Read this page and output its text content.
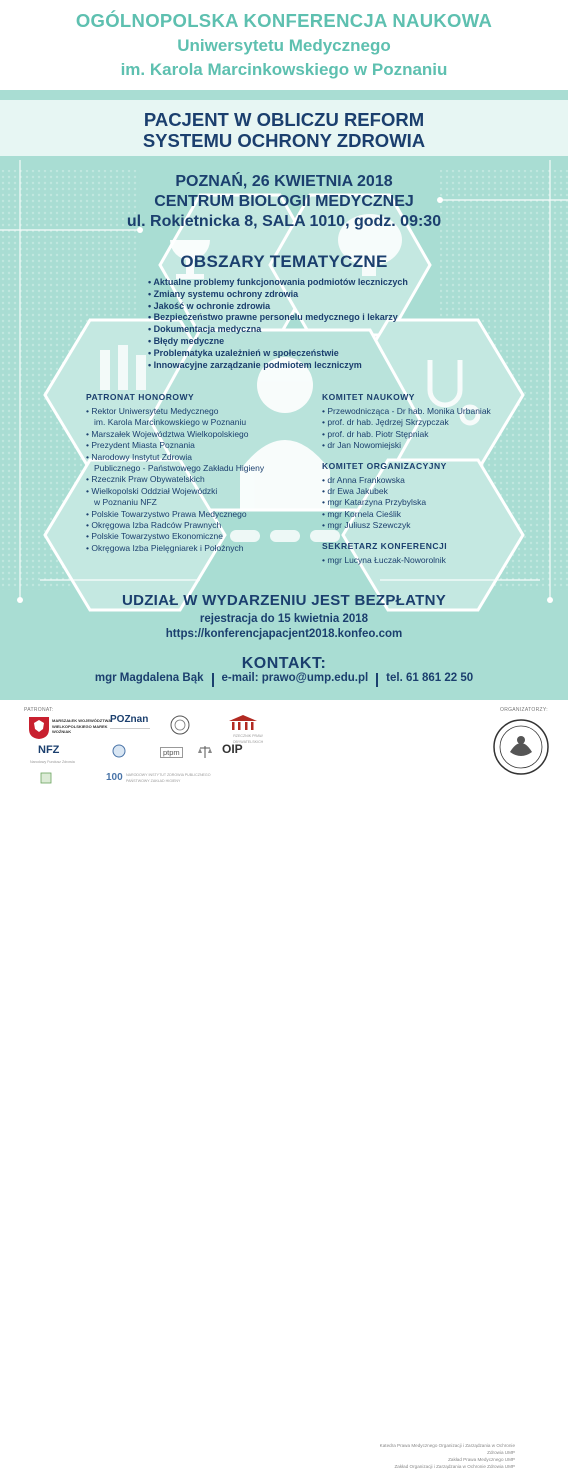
OGÓLNOPOLSKA KONFERENCJA NAUKOWA
Uniwersytetu Medycznego
im. Karola Marcinkowskiego w Poznaniu
PACJENT W OBLICZU REFORM
SYSTEMU OCHRONY ZDROWIA
POZNAŃ, 26 KWIETNIA 2018
CENTRUM BIOLOGII MEDYCZNEJ
ul. Rokietnicka 8, SALA 1010, godz. 09:30
OBSZARY TEMATYCZNE
• Aktualne problemy funkcjonowania podmiotów leczniczych
• Zmiany systemu ochrony zdrowia
• Jakość w ochronie zdrowia
• Bezpieczeństwo prawne personelu medycznego i lekarzy
• Dokumentacja medyczna
• Błędy medyczne
• Problematyka uzależnień w społeczeństwie
• Innowacyjne zarządzanie podmiotem leczniczym
PATRONAT HONOROWY
• Rektor Uniwersytetu Medycznego
im. Karola Marcinkowskiego w Poznaniu
• Marszałek Województwa Wielkopolskiego
• Prezydent Miasta Poznania
• Narodowy Instytut Zdrowia
Publicznego - Państwowego Zakładu Higieny
• Rzecznik Praw Obywatelskich
• Wielkopolski Oddział Wojewódzki
w Poznaniu NFZ
• Polskie Towarzystwo Prawa Medycznego
• Okręgowa Izba Radców Prawnych
• Polskie Towarzystwo Ekonomiczne
• Okręgowa Izba Pielęgniarek i Położnych
KOMITET NAUKOWY
• Przewodnicząca - Dr hab. Monika Urbaniak
• prof. dr hab. Jędrzej Skrzypczak
• prof. dr hab. Piotr Stępniak
• dr Jan Nowomiejski
KOMITET ORGANIZACYJNY
• dr Anna Frankowska
• dr Ewa Jakubek
• mgr Katarzyna Przybylska
• mgr Kornela Cieślik
• mgr Juliusz Szewczyk
SEKRETARZ KONFERENCJI
• mgr Lucyna Łuczak-Noworolnik
UDZIAŁ W WYDARZENIU JEST BEZPŁATNY
rejestracja do 15 kwietnia 2018
https://konferencjapacjent2018.konfeo.com
KONTAKT:
mgr Magdalena Bąk	e-mail: prawo@ump.edu.pl	tel. 61 861 22 50
PATRONAT:	ORGANIZATORZY:
MARSZAŁEK WOJEWÓDZTWA WIELKOPOLSKIEGO MAREK WOŹNIAK
POZnan
RZECZNIK PRAW OBYWATELSKICH
NFZ
Narodowy Fundusz Zdrowia
ptpm	OIP
100 NARODOWY INSTYTUT ZDROWIA PUBLICZNEGO PAŃSTWOWY ZAKŁAD HIGIENY
Katedra Prawa Medycznego Organizacji i Zarządzania w Ochronie Zdrowia UMP
Zakład Prawa Medycznego UMP
Zakład Organizacji i Zarządzania w Ochronie Zdrowia UMP
